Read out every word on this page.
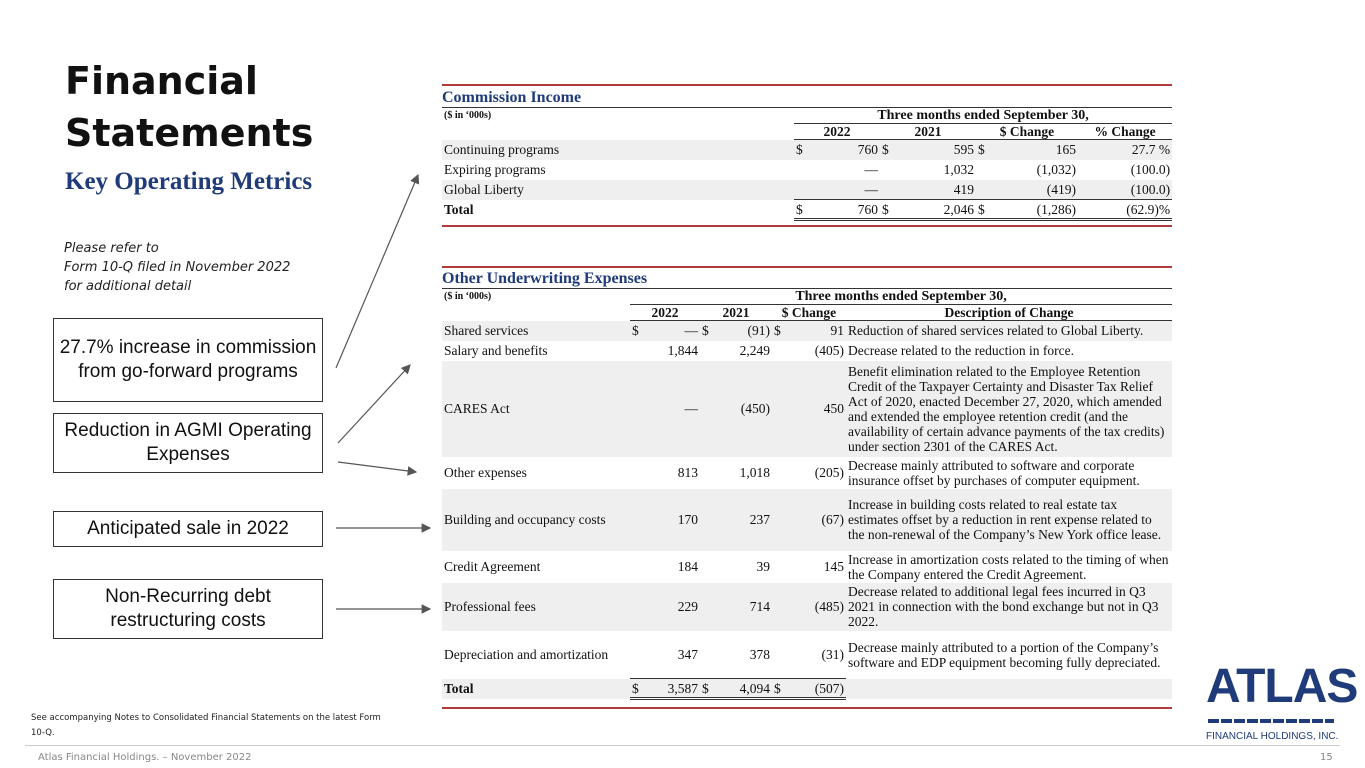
Financial Statements
Key Operating Metrics
Please refer to
Form 10-Q filed in November 2022
for additional detail
27.7% increase in commission from go-forward programs
Reduction in AGMI Operating Expenses
Anticipated sale in 2022
Non-Recurring debt restructuring costs
Commission Income
($ in ‘000s)	Three months ended September 30,						
	2022		2021		$ Change		% Change
Continuing programs	$	760	$	595	$	165	27.7 %
Expiring programs		—		1,032		(1,032)	(100.0)
Global Liberty		—		419		(419)	(100.0)
Total	$	760	$	2,046	$	(1,286)	(62.9)%
Other Underwriting Expenses
($ in ‘000s)	Three months ended September 30,						
	2022		2021		$ Change		Description of Change
Shared services	$	—	$	(91)	$	91	Reduction of shared services related to Global Liberty.
Salary and benefits		1,844		2,249		(405)	Decrease related to the reduction in force.
CARES Act		—		(450)		450	Benefit elimination related to the Employee Retention Credit of the Taxpayer Certainty and Disaster Tax Relief Act of 2020, enacted December 27, 2020, which amended and extended the employee retention credit (and the availability of certain advance payments of the tax credits) under section 2301 of the CARES Act.
Other expenses		813		1,018		(205)	Decrease mainly attributed to software and corporate insurance offset by purchases of computer equipment.
Building and occupancy costs		170		237		(67)	Increase in building costs related to real estate tax estimates offset by a reduction in rent expense related to the non-renewal of the Company’s New York office lease.
Credit Agreement		184		39		145	Increase in amortization costs related to the timing of when the Company entered the Credit Agreement.
Professional fees		229		714		(485)	Decrease related to additional legal fees incurred in Q3 2021 in connection with the bond exchange but not in Q3 2022.
Depreciation and amortization		347		378		(31)	Decrease mainly attributed to a portion of the Company’s software and EDP equipment becoming fully depreciated.
Total	$	3,587	$	4,094	$	(507)		ATLAS
FINANCIAL HOLDINGS, INC.
See accompanying Notes to Consolidated Financial Statements on the latest Form 10-Q.
Atlas Financial Holdings. – November 2022	15
